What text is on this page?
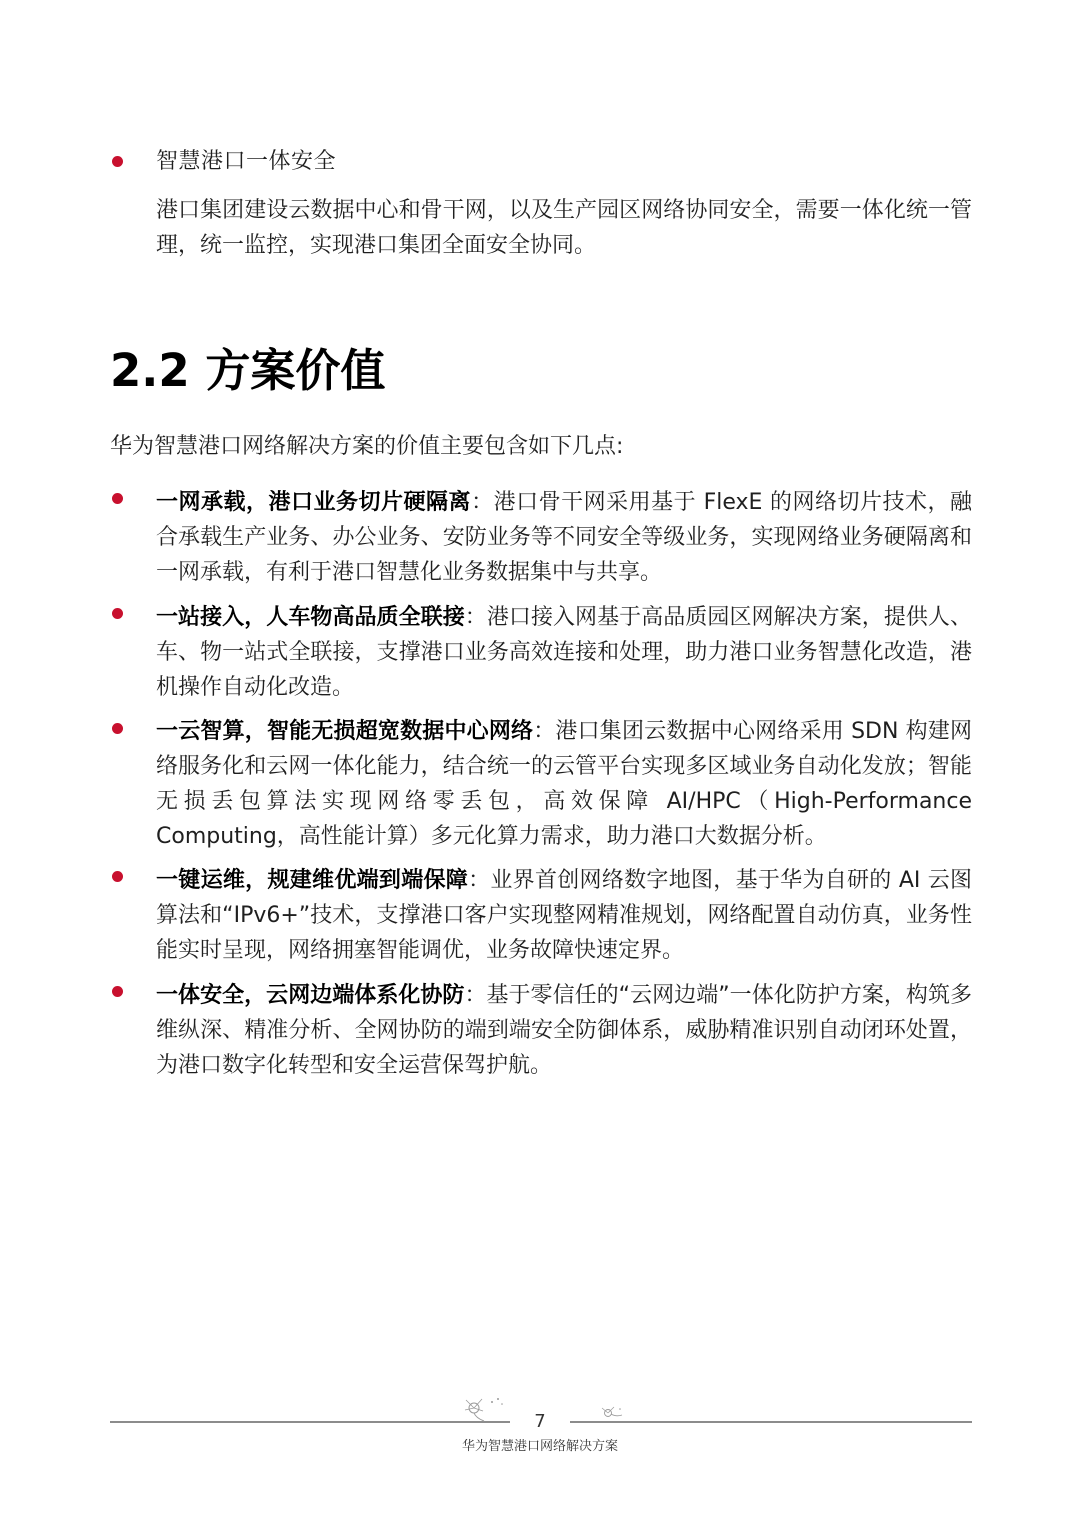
智慧港口一体安全
港口集团建设云数据中心和骨干网，以及生产园区网络协同安全，需要一体化统一管理，统一监控，实现港口集团全面安全协同。
2.2 方案价值
华为智慧港口网络解决方案的价值主要包含如下几点:
一网承载，港口业务切片硬隔离：港口骨干网采用基于 FlexE 的网络切片技术，融合承载生产业务、办公业务、安防业务等不同安全等级业务，实现网络业务硬隔离和一网承载，有利于港口智慧化业务数据集中与共享。
一站接入，人车物高品质全联接：港口接入网基于高品质园区网解决方案，提供人、车、物一站式全联接，支撑港口业务高效连接和处理，助力港口业务智慧化改造，港机操作自动化改造。
一云智算，智能无损超宽数据中心网络：港口集团云数据中心网络采用 SDN 构建网络服务化和云网一体化能力，结合统一的云管平台实现多区域业务自动化发放；智能无损丢包算法实现网络零丢包，高效保障 AI/HPC（High-Performance Computing，高性能计算）多元化算力需求，助力港口大数据分析。
一键运维，规建维优端到端保障：业界首创网络数字地图，基于华为自研的 AI 云图算法和“IPv6+”技术，支撑港口客户实现整网精准规划，网络配置自动仿真，业务性能实时呈现，网络拥塞智能调优，业务故障快速定界。
一体安全，云网边端体系化协防：基于零信任的“云网边端”一体化防护方案，构筑多维纵深、精准分析、全网协防的端到端安全防御体系，威胁精准识别自动闭环处置，为港口数字化转型和安全运营保驾护航。
7
华为智慧港口网络解决方案
